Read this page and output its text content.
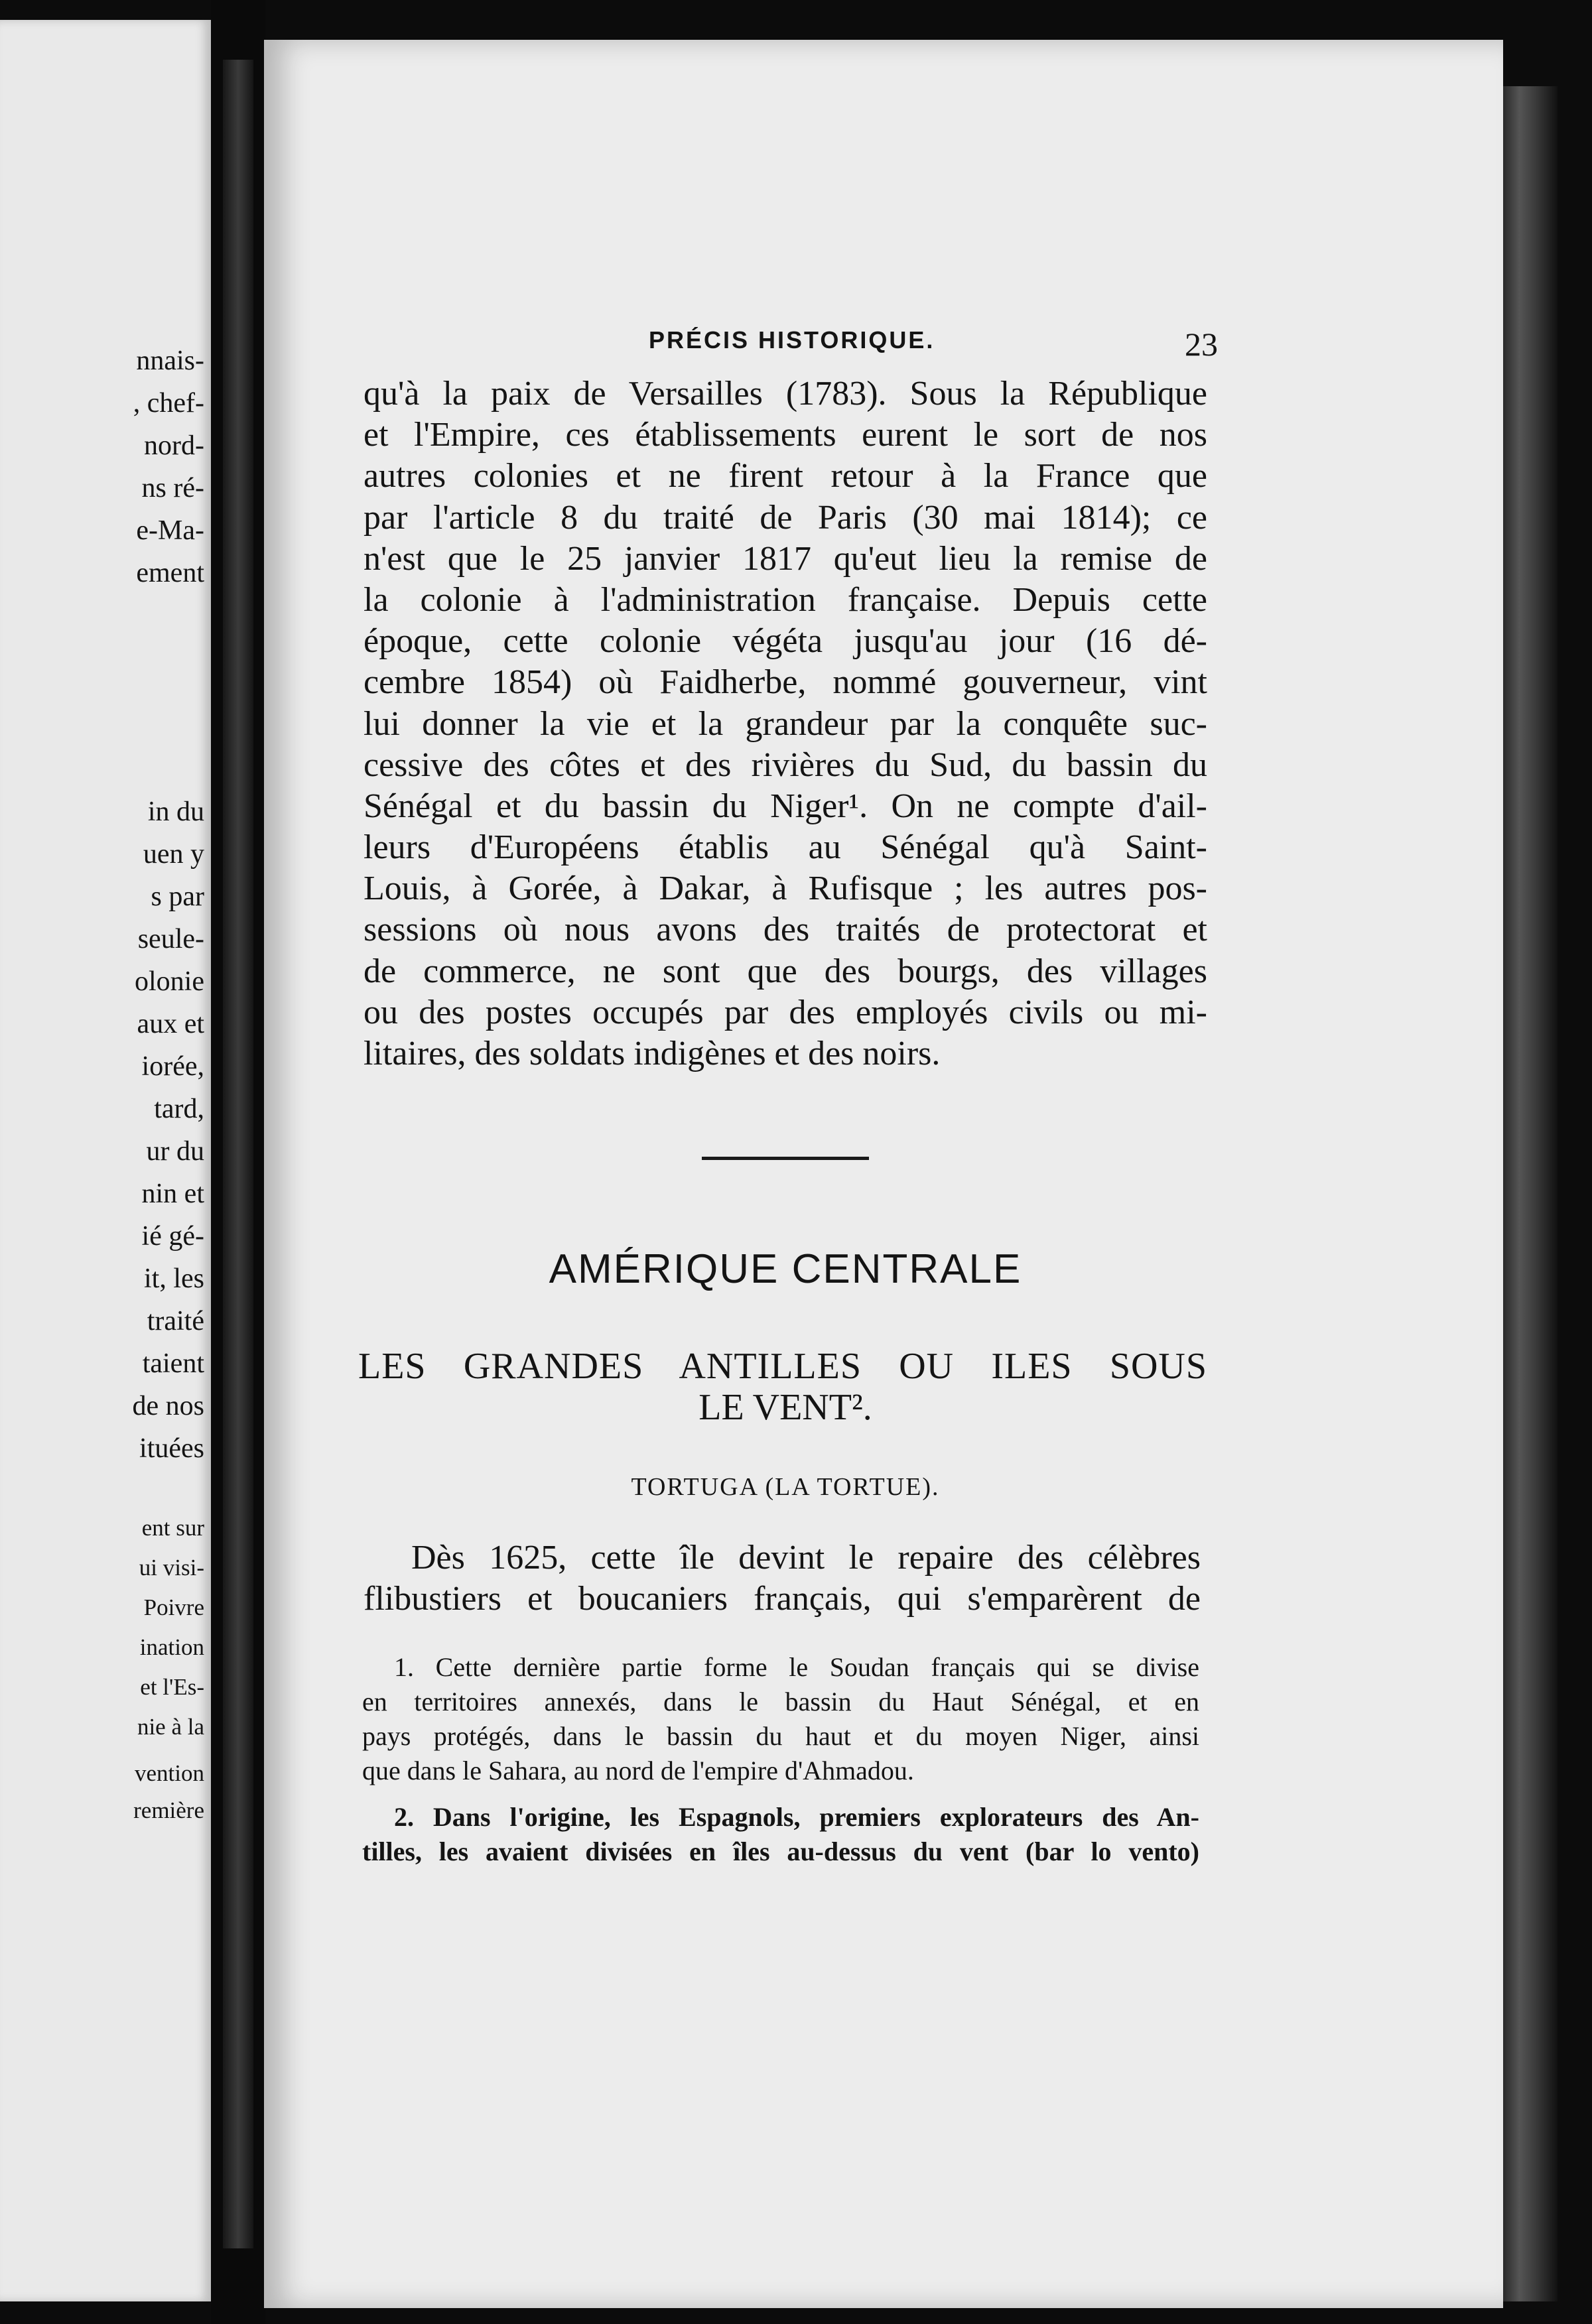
nnais-
, chef-
nord-
ns ré-
e-Ma-
ement
in du
uen y
s par
seule-
olonie
aux et
iorée,
tard,
ur du
nin et
ié gé-
it, les
traité
taient
de nos
ituées
ent sur
ui visi-
Poivre
ination
et l'Es-
nie à la
vention
remière
PRÉCIS HISTORIQUE.	23
qu'à la paix de Versailles (1783). Sous la République
et l'Empire, ces établissements eurent le sort de nos
autres colonies et ne firent retour à la France que
par l'article 8 du traité de Paris (30 mai 1814); ce
n'est que le 25 janvier 1817 qu'eut lieu la remise de
la colonie à l'administration française. Depuis cette
époque, cette colonie végéta jusqu'au jour (16 dé-
cembre 1854) où Faidherbe, nommé gouverneur, vint
lui donner la vie et la grandeur par la conquête suc-
cessive des côtes et des rivières du Sud, du bassin du
Sénégal et du bassin du Niger¹. On ne compte d'ail-
leurs d'Européens établis au Sénégal qu'à Saint-
Louis, à Gorée, à Dakar, à Rufisque ; les autres pos-
sessions où nous avons des traités de protectorat et
de commerce, ne sont que des bourgs, des villages
ou des postes occupés par des employés civils ou mi-
litaires, des soldats indigènes et des noirs.
AMÉRIQUE CENTRALE
LES GRANDES ANTILLES OU ILES SOUS
LE VENT².
TORTUGA (LA TORTUE).
Dès 1625, cette île devint le repaire des célèbres
flibustiers et boucaniers français, qui s'emparèrent de
1. Cette dernière partie forme le Soudan français qui se divise
en territoires annexés, dans le bassin du Haut Sénégal, et en
pays protégés, dans le bassin du haut et du moyen Niger, ainsi
que dans le Sahara, au nord de l'empire d'Ahmadou.
2. Dans l'origine, les Espagnols, premiers explorateurs des An-
tilles, les avaient divisées en îles au-dessus du vent (bar lo vento)
